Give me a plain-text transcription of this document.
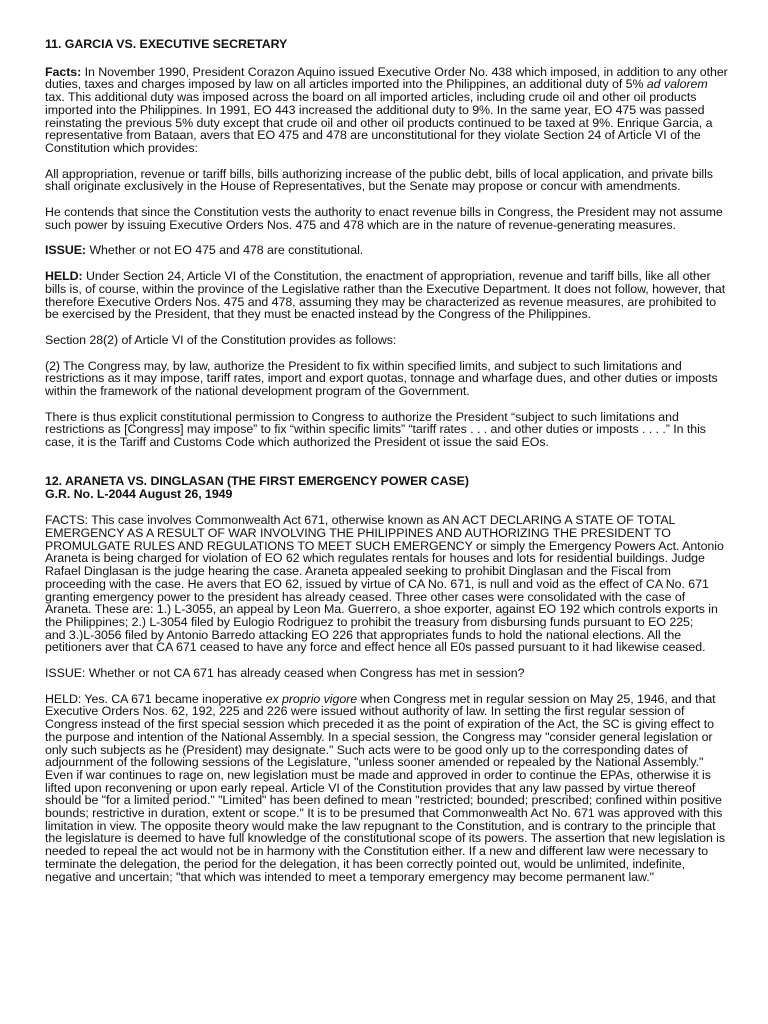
11. GARCIA VS. EXECUTIVE SECRETARY

Facts: In November 1990, President Corazon Aquino issued Executive Order No. 438 which imposed, in addition to any other duties, taxes and charges imposed by law on all articles imported into the Philippines, an additional duty of 5% ad valorem tax. This additional duty was imposed across the board on all imported articles, including crude oil and other oil products imported into the Philippines. In 1991, EO 443 increased the additional duty to 9%. In the same year, EO 475 was passed reinstating the previous 5% duty except that crude oil and other oil products continued to be taxed at 9%. Enrique Garcia, a representative from Bataan, avers that EO 475 and 478 are unconstitutional for they violate Section 24 of Article VI of the Constitution which provides:

All appropriation, revenue or tariff bills, bills authorizing increase of the public debt, bills of local application, and private bills shall originate exclusively in the House of Representatives, but the Senate may propose or concur with amendments.

He contends that since the Constitution vests the authority to enact revenue bills in Congress, the President may not assume such power by issuing Executive Orders Nos. 475 and 478 which are in the nature of revenue-generating measures.

ISSUE: Whether or not EO 475 and 478 are constitutional.

HELD: Under Section 24, Article VI of the Constitution, the enactment of appropriation, revenue and tariff bills, like all other bills is, of course, within the province of the Legislative rather than the Executive Department. It does not follow, however, that therefore Executive Orders Nos. 475 and 478, assuming they may be characterized as revenue measures, are prohibited to be exercised by the President, that they must be enacted instead by the Congress of the Philippines.

Section 28(2) of Article VI of the Constitution provides as follows:

(2) The Congress may, by law, authorize the President to fix within specified limits, and subject to such limitations and restrictions as it may impose, tariff rates, import and export quotas, tonnage and wharfage dues, and other duties or imposts within the framework of the national development program of the Government.

There is thus explicit constitutional permission to Congress to authorize the President “subject to such limitations and restrictions as [Congress] may impose” to fix “within specific limits” “tariff rates . . . and other duties or imposts . . . .” In this case, it is the Tariff and Customs Code which authorized the President ot issue the said EOs.

12. ARANETA VS. DINGLASAN (THE FIRST EMERGENCY POWER CASE)
G.R. No. L-2044 August 26, 1949

FACTS: This case involves Commonwealth Act 671, otherwise known as AN ACT DECLARING A STATE OF TOTAL EMERGENCY AS A RESULT OF WAR INVOLVING THE PHILIPPINES AND AUTHORIZING THE PRESIDENT TO PROMULGATE RULES AND REGULATIONS TO MEET SUCH EMERGENCY or simply the Emergency Powers Act. Antonio Araneta is being charged for violation of EO 62 which regulates rentals for houses and lots for residential buildings. Judge Rafael Dinglasan is the judge hearing the case. Araneta appealed seeking to prohibit Dinglasan and the Fiscal from proceeding with the case. He avers that EO 62, issued by virtue of CA No. 671, is null and void as the effect of CA No. 671 granting emergency power to the president has already ceased. Three other cases were consolidated with the case of Araneta. These are: 1.) L-3055, an appeal by Leon Ma. Guerrero, a shoe exporter, against EO 192 which controls exports in the Philippines; 2.) L-3054 filed by Eulogio Rodriguez to prohibit the treasury from disbursing funds pursuant to EO 225;
and 3.)L-3056 filed by Antonio Barredo attacking EO 226 that appropriates funds to hold the national elections. All the petitioners aver that CA 671 ceased to have any force and effect hence all E0s passed pursuant to it had likewise ceased.

ISSUE: Whether or not CA 671 has already ceased when Congress has met in session?

HELD: Yes. CA 671 became inoperative ex proprio vigore when Congress met in regular session on May 25, 1946, and that Executive Orders Nos. 62, 192, 225 and 226 were issued without authority of law. In setting the first regular session of Congress instead of the first special session which preceded it as the point of expiration of the Act, the SC is giving effect to the purpose and intention of the National Assembly. In a special session, the Congress may "consider general legislation or only such subjects as he (President) may designate." Such acts were to be good only up to the corresponding dates of adjournment of the following sessions of the Legislature, "unless sooner amended or repealed by the National Assembly." Even if war continues to rage on, new legislation must be made and approved in order to continue the EPAs, otherwise it is lifted upon reconvening or upon early repeal. Article VI of the Constitution provides that any law passed by virtue thereof should be "for a limited period." "Limited" has been defined to mean "restricted; bounded; prescribed; confined within positive bounds; restrictive in duration, extent or scope." It is to be presumed that Commonwealth Act No. 671 was approved with this limitation in view. The opposite theory would make the law repugnant to the Constitution, and is contrary to the principle that the legislature is deemed to have full knowledge of the constitutional scope of its powers. The assertion that new legislation is needed to repeal the act would not be in harmony with the Constitution either. If a new and different law were necessary to terminate the delegation, the period for the delegation, it has been correctly pointed out, would be unlimited, indefinite, negative and uncertain; "that which was intended to meet a temporary emergency may become permanent law."
